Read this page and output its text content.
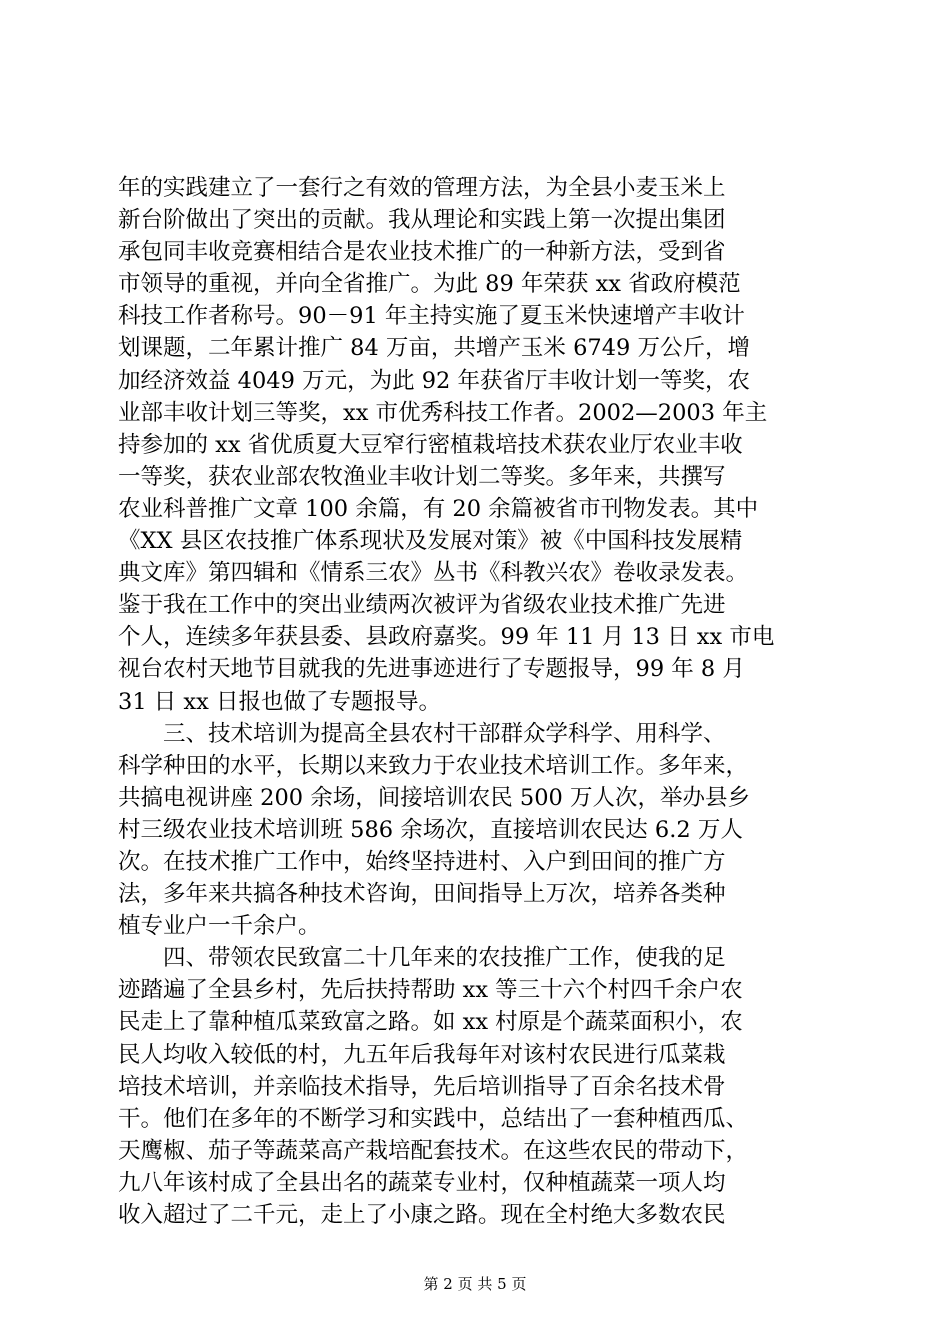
年的实践建立了一套行之有效的管理方法，为全县小麦玉米上
新台阶做出了突出的贡献。我从理论和实践上第一次提出集团
承包同丰收竞赛相结合是农业技术推广的一种新方法，受到省
市领导的重视，并向全省推广。为此 89 年荣获 xx 省政府模范
科技工作者称号。90－91 年主持实施了夏玉米快速增产丰收计
划课题，二年累计推广 84 万亩，共增产玉米 6749 万公斤，增
加经济效益 4049 万元，为此 92 年获省厅丰收计划一等奖，农
业部丰收计划三等奖，xx 市优秀科技工作者。2002—2003 年主
持参加的 xx 省优质夏大豆窄行密植栽培技术获农业厅农业丰收
一等奖，获农业部农牧渔业丰收计划二等奖。多年来，共撰写
农业科普推广文章 100 余篇，有 20 余篇被省市刊物发表。其中
《XX 县区农技推广体系现状及发展对策》被《中国科技发展精
典文库》第四辑和《情系三农》丛书《科教兴农》卷收录发表。
鉴于我在工作中的突出业绩两次被评为省级农业技术推广先进
个人，连续多年获县委、县政府嘉奖。99 年 11 月 13 日 xx 市电
视台农村天地节目就我的先进事迹进行了专题报导，99 年 8 月
31 日 xx 日报也做了专题报导。
三、技术培训为提高全县农村干部群众学科学、用科学、
科学种田的水平，长期以来致力于农业技术培训工作。多年来，
共搞电视讲座 200 余场，间接培训农民 500 万人次，举办县乡
村三级农业技术培训班 586 余场次，直接培训农民达 6.2 万人
次。在技术推广工作中，始终坚持进村、入户到田间的推广方
法，多年来共搞各种技术咨询，田间指导上万次，培养各类种
植专业户一千余户。
四、带领农民致富二十几年来的农技推广工作，使我的足
迹踏遍了全县乡村，先后扶持帮助 xx 等三十六个村四千余户农
民走上了靠种植瓜菜致富之路。如 xx 村原是个蔬菜面积小，农
民人均收入较低的村，九五年后我每年对该村农民进行瓜菜栽
培技术培训，并亲临技术指导，先后培训指导了百余名技术骨
干。他们在多年的不断学习和实践中，总结出了一套种植西瓜、
天鹰椒、茄子等蔬菜高产栽培配套技术。在这些农民的带动下，
九八年该村成了全县出名的蔬菜专业村，仅种植蔬菜一项人均
收入超过了二千元，走上了小康之路。现在全村绝大多数农民
第 2 页 共 5 页
